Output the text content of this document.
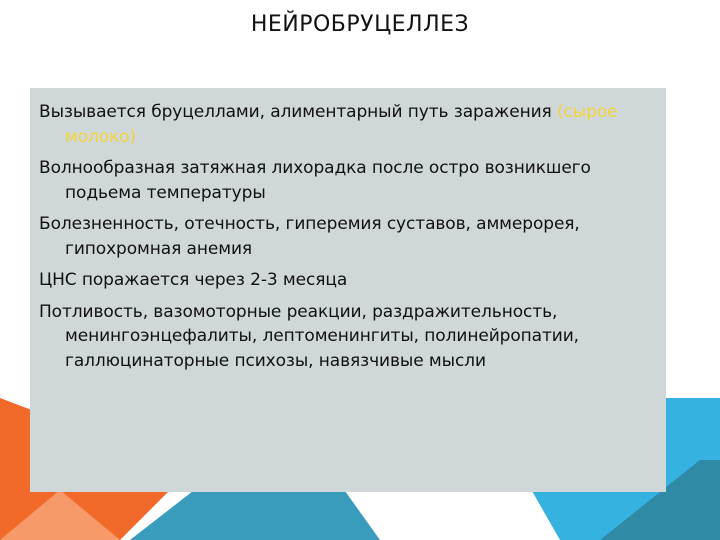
НЕЙРОБРУЦЕЛЛЕЗ
Вызывается бруцеллами, алиментарный путь заражения (сырое молоко)
Волнообразная затяжная лихорадка после остро возникшего подьема температуры
Болезненность, отечность, гиперемия суставов, аммерорея, гипохромная анемия
ЦНС поражается через 2-3 месяца
Потливость, вазомоторные реакции, раздражительность, менингоэнцефалиты, лептоменингиты, полинейропатии, галлюцинаторные психозы, навязчивые мысли
